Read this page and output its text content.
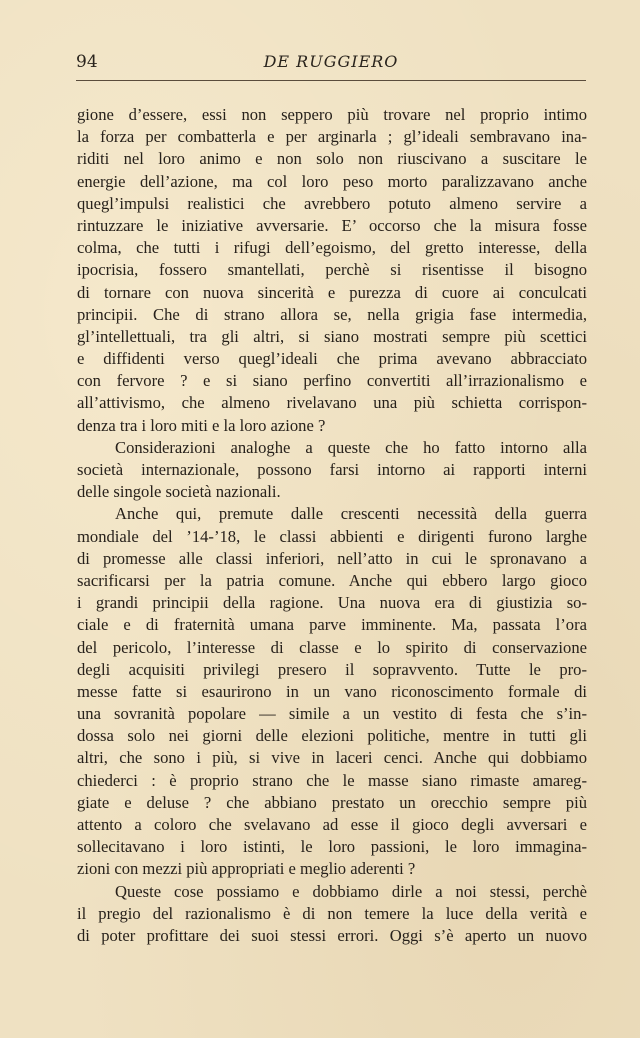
94	DE RUGGIERO
gione d’essere, essi non seppero più trovare nel proprio intimo
la forza per combatterla e per arginarla ; gl’ideali sembravano ina-
riditi nel loro animo e non solo non riuscivano a suscitare le
energie dell’azione, ma col loro peso morto paralizzavano anche
quegl’impulsi realistici che avrebbero potuto almeno servire a
rintuzzare le iniziative avversarie. E’ occorso che la misura fosse
colma, che tutti i rifugi dell’egoismo, del gretto interesse, della
ipocrisia, fossero smantellati, perchè si risentisse il bisogno
di tornare con nuova sincerità e purezza di cuore ai conculcati
principii. Che di strano allora se, nella grigia fase intermedia,
gl’intellettuali, tra gli altri, si siano mostrati sempre più scettici
e diffidenti verso quegl’ideali che prima avevano abbracciato
con fervore ? e si siano perfino convertiti all’irrazionalismo e
all’attivismo, che almeno rivelavano una più schietta corrispon-
denza tra i loro miti e la loro azione ?
Considerazioni analoghe a queste che ho fatto intorno alla
società internazionale, possono farsi intorno ai rapporti interni
delle singole società nazionali.
Anche qui, premute dalle crescenti necessità della guerra
mondiale del ’14-’18, le classi abbienti e dirigenti furono larghe
di promesse alle classi inferiori, nell’atto in cui le spronavano a
sacrificarsi per la patria comune. Anche qui ebbero largo gioco
i grandi principii della ragione. Una nuova era di giustizia so-
ciale e di fraternità umana parve imminente. Ma, passata l’ora
del pericolo, l’interesse di classe e lo spirito di conservazione
degli acquisiti privilegi presero il sopravvento. Tutte le pro-
messe fatte si esaurirono in un vano riconoscimento formale di
una sovranità popolare — simile a un vestito di festa che s’in-
dossa solo nei giorni delle elezioni politiche, mentre in tutti gli
altri, che sono i più, si vive in laceri cenci. Anche qui dobbiamo
chiederci : è proprio strano che le masse siano rimaste amareg-
giate e deluse ? che abbiano prestato un orecchio sempre più
attento a coloro che svelavano ad esse il gioco degli avversari e
sollecitavano i loro istinti, le loro passioni, le loro immagina-
zioni con mezzi più appropriati e meglio aderenti ?
Queste cose possiamo e dobbiamo dirle a noi stessi, perchè
il pregio del razionalismo è di non temere la luce della verità e
di poter profittare dei suoi stessi errori. Oggi s’è aperto un nuovo
